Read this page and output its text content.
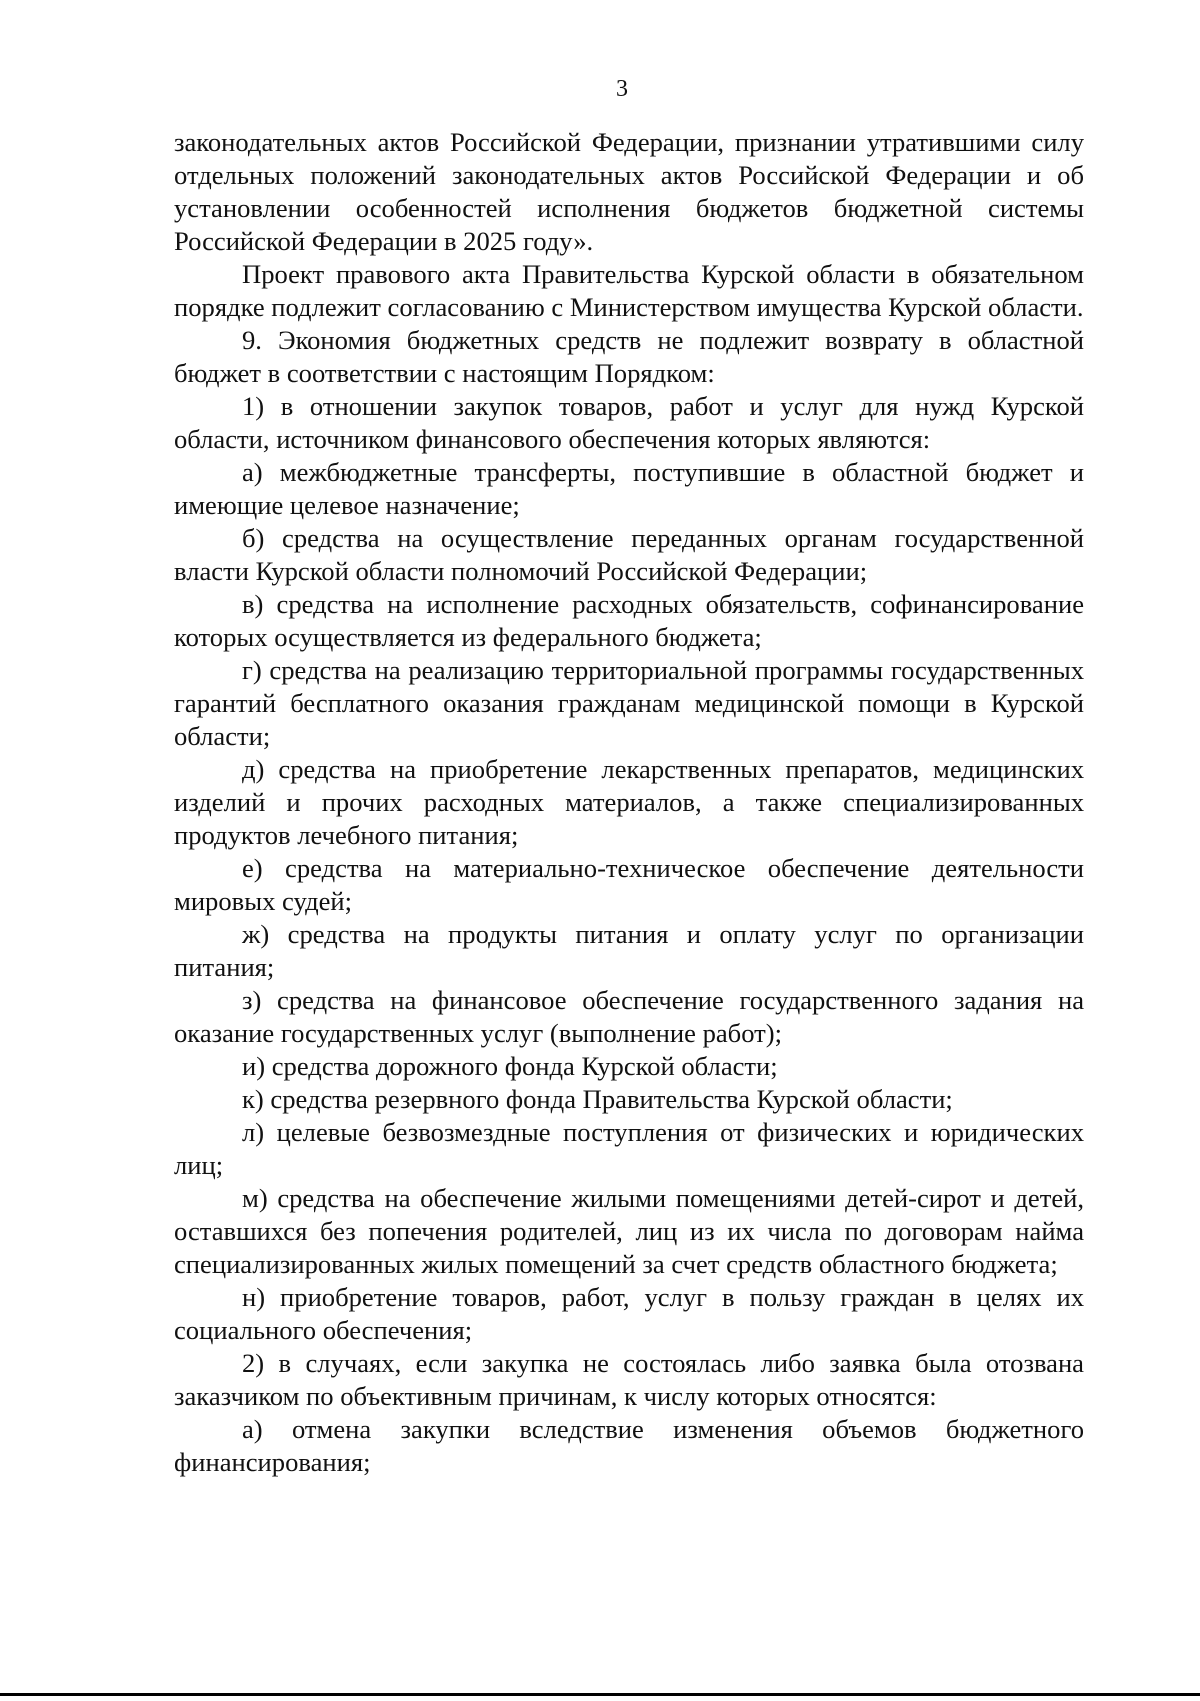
3

законодательных актов Российской Федерации, признании утратившими силу отдельных положений законодательных актов Российской Федерации и об установлении особенностей исполнения бюджетов бюджетной системы Российской Федерации в 2025 году».

Проект правового акта Правительства Курской области в обязательном порядке подлежит согласованию с Министерством имущества Курской области.

9. Экономия бюджетных средств не подлежит возврату в областной бюджет в соответствии с настоящим Порядком:

1) в отношении закупок товаров, работ и услуг для нужд Курской области, источником финансового обеспечения которых являются:

а) межбюджетные трансферты, поступившие в областной бюджет и имеющие целевое назначение;

б) средства на осуществление переданных органам государственной власти Курской области полномочий Российской Федерации;

в) средства на исполнение расходных обязательств, софинансирование которых осуществляется из федерального бюджета;

г) средства на реализацию территориальной программы государственных гарантий бесплатного оказания гражданам медицинской помощи в Курской области;

д) средства на приобретение лекарственных препаратов, медицинских изделий и прочих расходных материалов, а также специализированных продуктов лечебного питания;

е) средства на материально-техническое обеспечение деятельности мировых судей;

ж) средства на продукты питания и оплату услуг по организации питания;

з) средства на финансовое обеспечение государственного задания на оказание государственных услуг (выполнение работ);

и) средства дорожного фонда Курской области;

к) средства резервного фонда Правительства Курской области;

л) целевые безвозмездные поступления от физических и юридических лиц;

м) средства на обеспечение жилыми помещениями детей-сирот и детей, оставшихся без попечения родителей, лиц из их числа по договорам найма специализированных жилых помещений за счет средств областного бюджета;

н) приобретение товаров, работ, услуг в пользу граждан в целях их социального обеспечения;

2) в случаях, если закупка не состоялась либо заявка была отозвана заказчиком по объективным причинам, к числу которых относятся:

а) отмена закупки вследствие изменения объемов бюджетного финансирования;
